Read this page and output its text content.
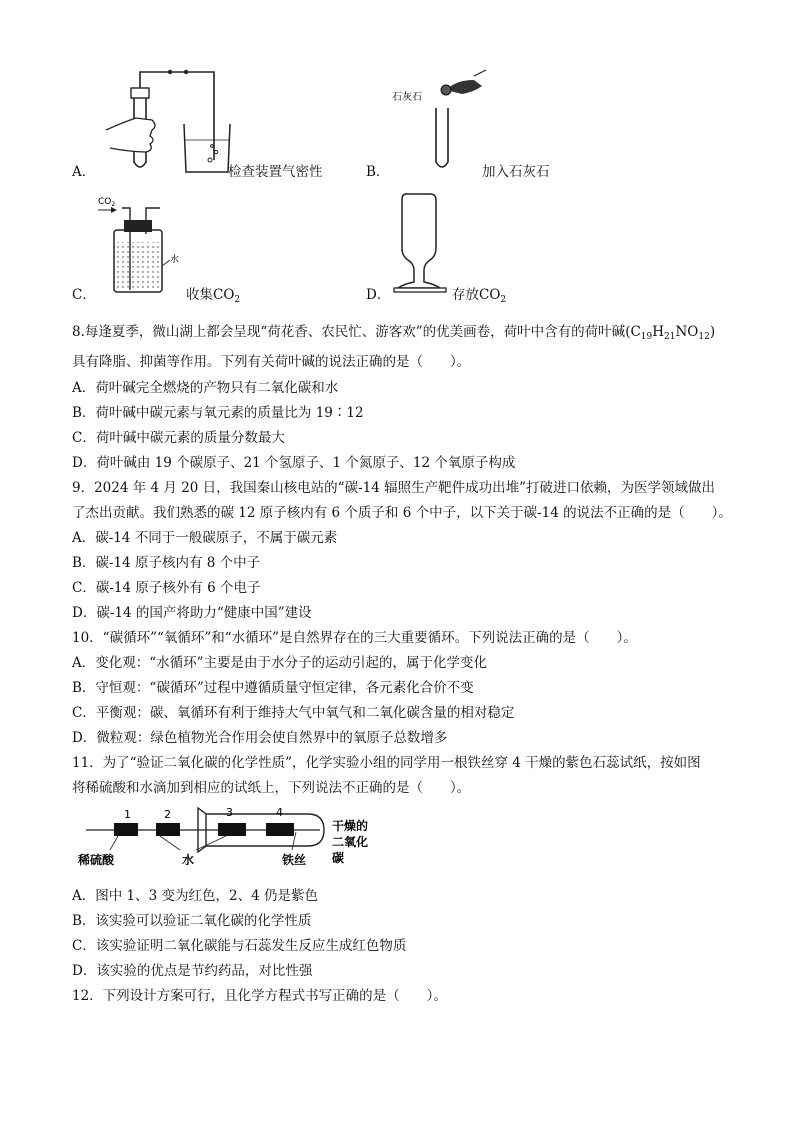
A．	检查装置气密性
石灰石
B．	加入石灰石
$CO_2$
水
C．	收集$CO_2$	D．	存放$CO_2$
8.每逢夏季，微山湖上都会呈现“荷花香、农民忙、游客欢”的优美画卷，荷叶中含有的荷叶碱$(C_{19}H_{21}NO_{12})$
具有降脂、抑菌等作用。下列有关荷叶碱的说法正确的是（　　）。
A．荷叶碱完全燃烧的产物只有二氧化碳和水
B．荷叶碱中碳元素与氧元素的质量比为 19∶12
C．荷叶碱中碳元素的质量分数最大
D．荷叶碱由 19 个碳原子、21 个氢原子、1 个氮原子、12 个氧原子构成
9．2024 年 4 月 20 日，我国秦山核电站的“碳-14 辐照生产靶件成功出堆”打破进口依赖，为医学领域做出
了杰出贡献。我们熟悉的碳 12 原子核内有 6 个质子和 6 个中子，以下关于碳-14 的说法不正确的是（　　）。
A．碳-14 不同于一般碳原子，不属于碳元素
B．碳-14 原子核内有 8 个中子
C．碳-14 原子核外有 6 个电子
D．碳-14 的国产将助力“健康中国”建设
10．“碳循环”“氧循环”和“水循环”是自然界存在的三大重要循环。下列说法正确的是（　　）。
A．变化观：“水循环”主要是由于水分子的运动引起的，属于化学变化
B．守恒观：“碳循环”过程中遵循质量守恒定律，各元素化合价不变
C．平衡观：碳、氧循环有利于维持大气中氧气和二氧化碳含量的相对稳定
D．微粒观：绿色植物光合作用会使自然界中的氧原子总数增多
11．为了“验证二氧化碳的化学性质”，化学实验小组的同学用一根铁丝穿 4 干燥的紫色石蕊试纸，按如图
将稀硫酸和水滴加到相应的试纸上，下列说法不正确的是（　　）。
1	2	3	4
稀硫酸	水	铁丝
干燥的
二氧化
碳
A．图中 1、3 变为红色，2、4 仍是紫色
B．该实验可以验证二氧化碳的化学性质
C．该实验证明二氧化碳能与石蕊发生反应生成红色物质
D．该实验的优点是节约药品，对比性强
12．下列设计方案可行，且化学方程式书写正确的是（　　）。
